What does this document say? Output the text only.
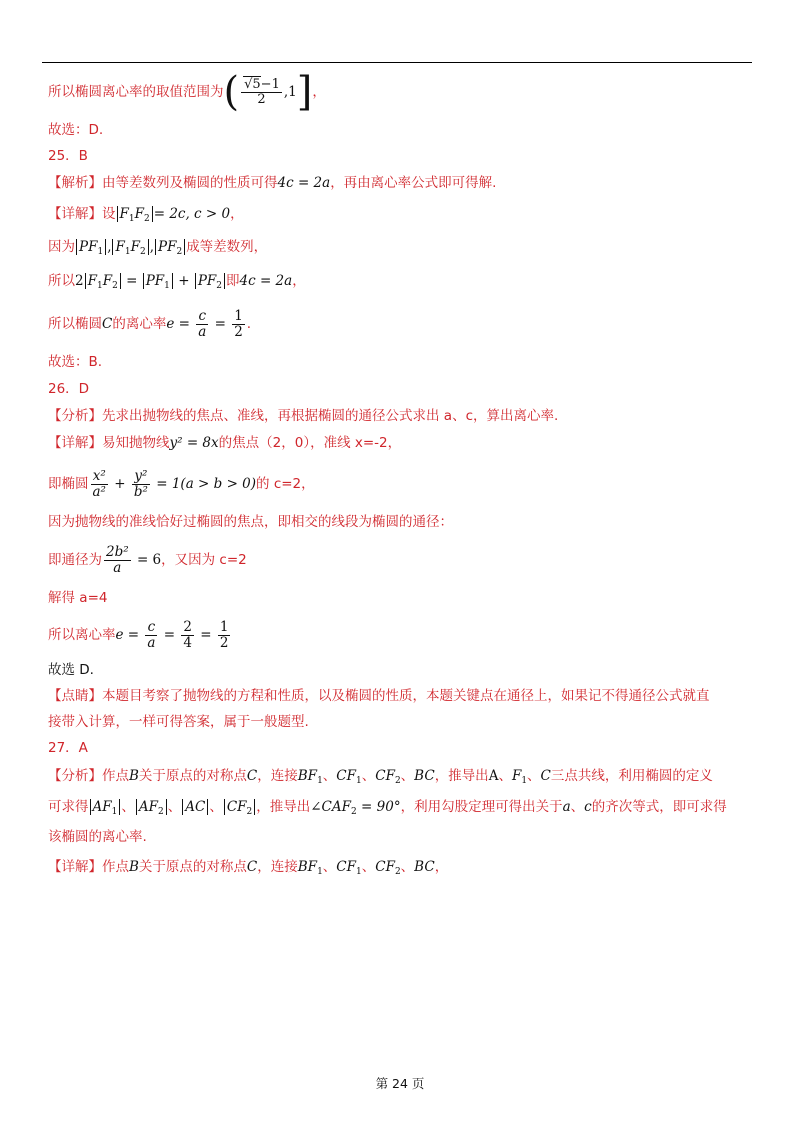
所以椭圆离心率的取值范围为( $\frac{√5-1}{2} ,1$]，
故选：D.
25．B
【解析】由等差数列及椭圆的性质可得4c = 2a，再由离心率公式即可得解.
【详解】设 $F_1F_2 = 2c$, c > 0，
因为 $PF_1$ , $F_1F_2$ , $PF_2$ 成等差数列，
所以2 $F_1F_2 = PF_1 + PF_2$ 即4c = 2a，
所以椭圆C的离心率$e = \frac{c}{a} = \frac{1}{2}$ .
故选：B.
26．D
【分析】先求出抛物线的焦点、准线，再根据椭圆的通径公式求出 a、c，算出离心率.
【详解】易知抛物线y² = 8x的焦点（2，0），准线 x=-2，
即椭圆 $\frac{\text{x²}}{\text{a²}} + \frac{\text{y²}}{\text{b²}} = 1(a > b > 0)$的 c=2，
因为抛物线的准线恰好过椭圆的焦点，即相交的线段为椭圆的通径：
即通径为 $\frac{\text{2b²}}{a} = 6$，又因为 c=2
解得 a=4
所以离心率$e = \frac{c}{a} = \frac{2}{4} = \frac{1}{2}$
故选 D.
【点睛】本题目考察了抛物线的方程和性质，以及椭圆的性质，本题关键点在通径上，如果记不得通径公式就直
接带入计算，一样可得答案，属于一般题型.
27．A
【分析】作点B关于原点的对称点C，连接$BF_1$、$CF_1$、$CF_2$、BC，推导出A、$F_1$、C三点共线，利用椭圆的定义
可求得 $AF_1$ 、 $AF_2$ 、 AC 、 $CF_2$ ，推导出$\angle CAF_2 = 90^\circ$，利用勾股定理可得出关于a、c的齐次等式，即可求得
该椭圆的离心率.
【详解】作点B关于原点的对称点C，连接$BF_1$、$CF_1$、$CF_2$、BC，
第 24 页
